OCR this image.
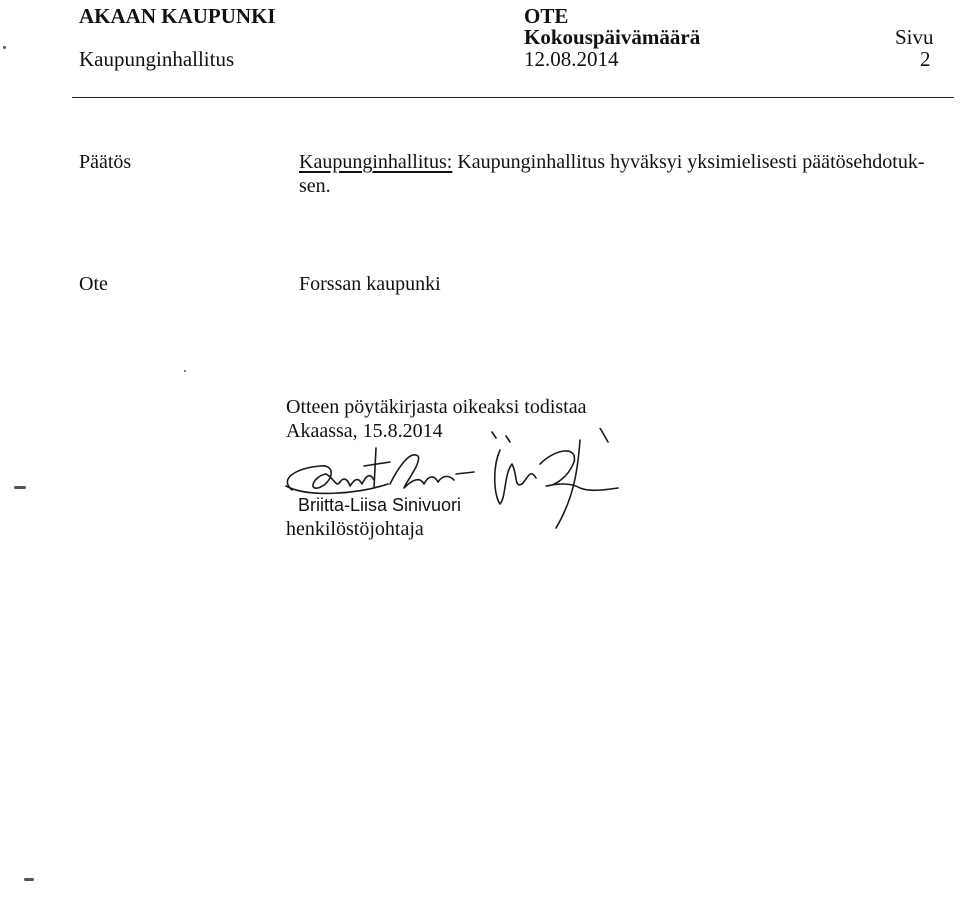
AKAAN KAUPUNKI
Kaupunginhallitus
OTE
Kokouspäivämäärä
12.08.2014
Sivu
2
Päätös	Kaupunginhallitus: Kaupunginhallitus hyväksyi yksimielisesti päätösehdotuk-
sen.
Ote	Forssan kaupunki
Otteen pöytäkirjasta oikeaksi todistaa
Akaassa, 15.8.2014
Briitta-Liisa Sinivuori
henkilöstöjohtaja
